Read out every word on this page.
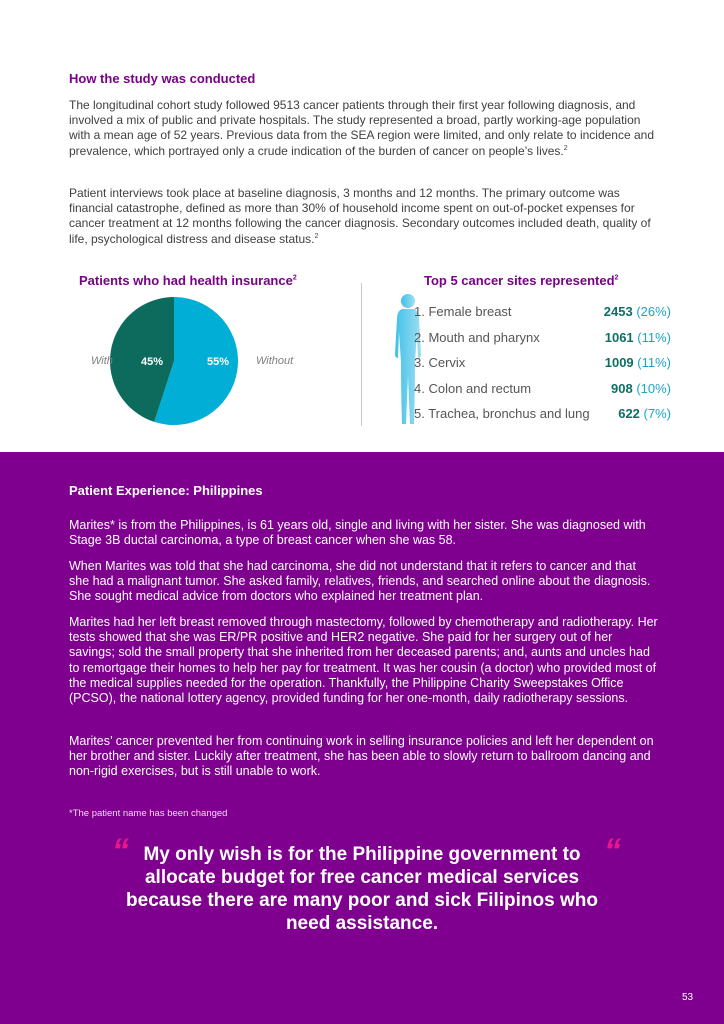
How the study was conducted

The longitudinal cohort study followed 9513 cancer patients through their first year following diagnosis, and involved a mix of public and private hospitals. The study represented a broad, partly working-age population with a mean age of 52 years. Previous data from the SEA region were limited, and only relate to incidence and prevalence, which portrayed only a crude indication of the burden of cancer on people’s lives.$^2$

Patient interviews took place at baseline diagnosis, 3 months and 12 months. The primary outcome was financial catastrophe, defined as more than 30% of household income spent on out-of-pocket expenses for cancer treatment at 12 months following the cancer diagnosis. Secondary outcomes included death, quality of life, psychological distress and disease status.$^2$

Patients who had health insurance$^2$
55%
45%
With	Without
Top 5 cancer sites represented$^2$
1. Female breast	2453 (26%)
2. Mouth and pharynx	1061 (11%)
3. Cervix	1009 (11%)
4. Colon and rectum	908 (10%)
5. Trachea, bronchus and lung 622 (7%)
Patient Experience: Philippines

Marites* is from the Philippines, is 61 years old, single and living with her sister. She was diagnosed with Stage 3B ductal carcinoma, a type of breast cancer when she was 58.

When Marites was told that she had carcinoma, she did not understand that it refers to cancer and that she had a malignant tumor. She asked family, relatives, friends, and searched online about the diagnosis. She sought medical advice from doctors who explained her treatment plan.

Marites had her left breast removed through mastectomy, followed by chemotherapy and radiotherapy. Her tests showed that she was ER/PR positive and HER2 negative. She paid for her surgery out of her savings; sold the small property that she inherited from her deceased parents; and, aunts and uncles had to remortgage their homes to help her pay for treatment. It was her cousin (a doctor) who provided most of the medical supplies needed for the operation. Thankfully, the Philippine Charity Sweepstakes Office (PCSO), the national lottery agency, provided funding for her one-month, daily radiotherapy sessions.

Marites’ cancer prevented her from continuing work in selling insurance policies and left her dependent on her brother and sister. Luckily after treatment, she has been able to slowly return to ballroom dancing and non-rigid exercises, but is still unable to work.

*The patient name has been changed
“	“

My only wish is for the Philippine government to allocate budget for free cancer medical services because there are many poor and sick Filipinos who need assistance.

53
